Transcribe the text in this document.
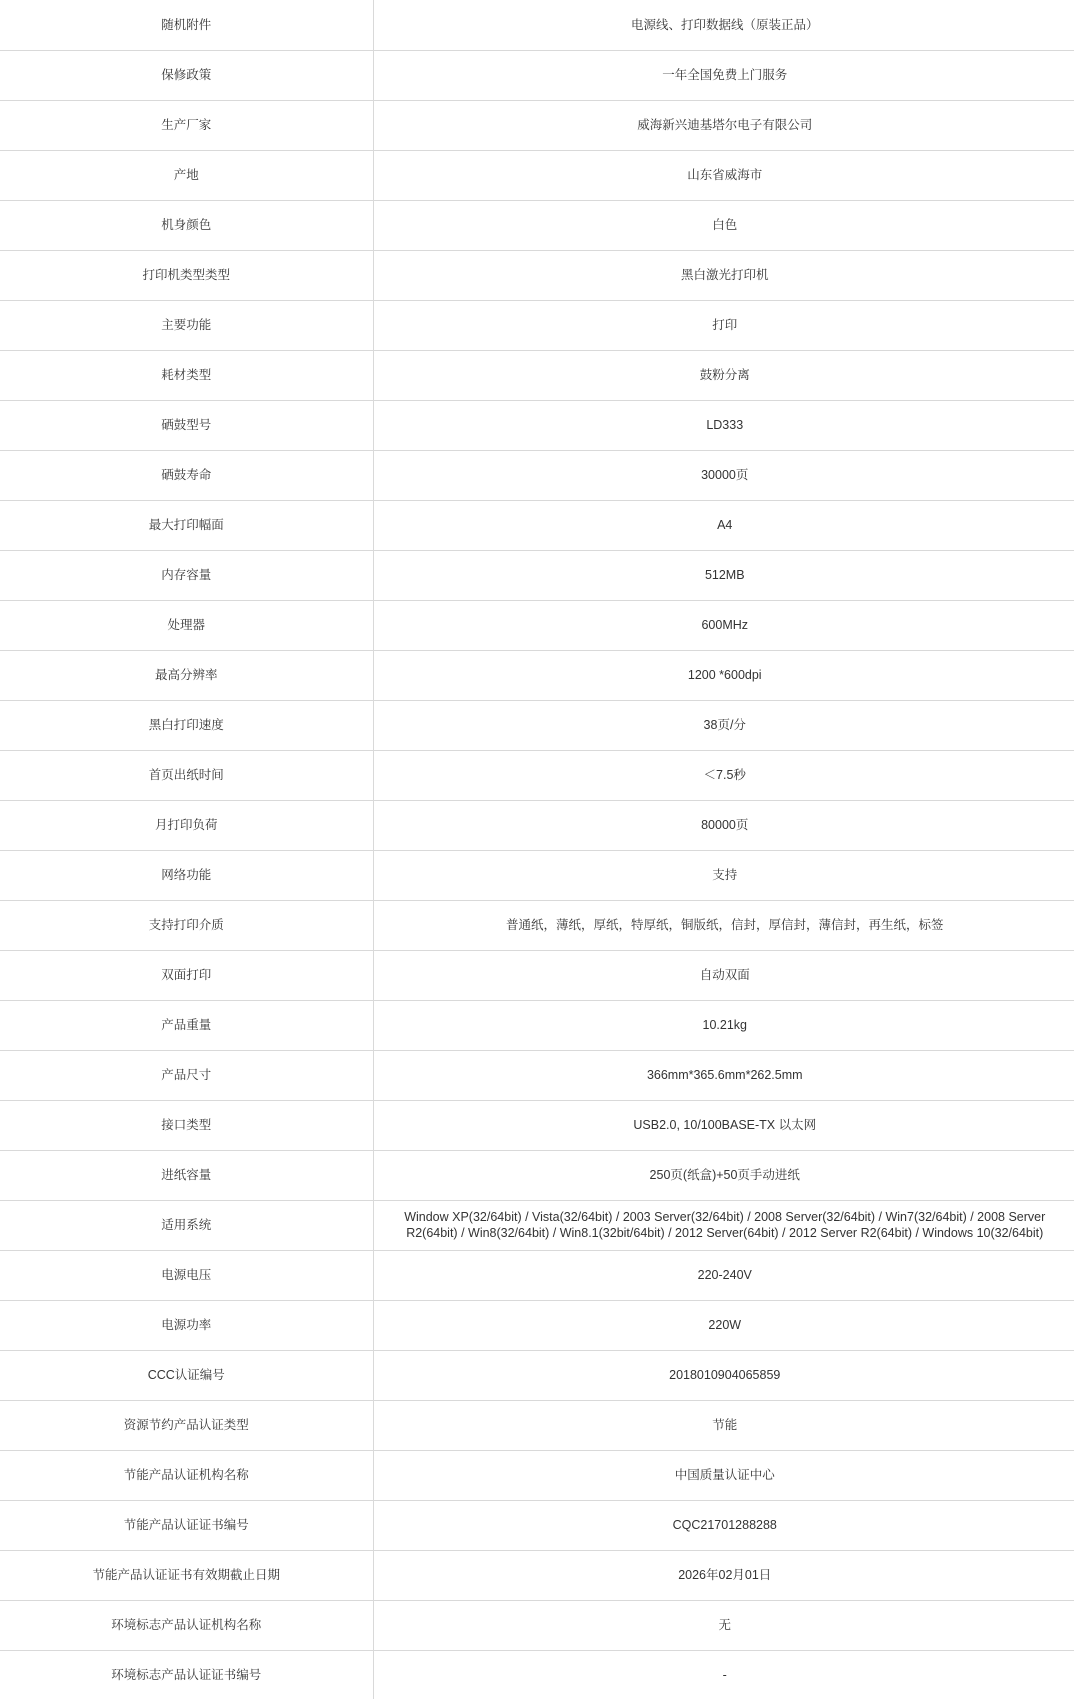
随机附件	电源线、打印数据线（原装正品）
保修政策	一年全国免费上门服务
生产厂家	威海新兴迪基塔尔电子有限公司
产地	山东省威海市
机身颜色	白色
打印机类型类型	黑白激光打印机
主要功能	打印
耗材类型	鼓粉分离
硒鼓型号	LD333
硒鼓寿命	30000页
最大打印幅面	A4
内存容量	512MB
处理器	600MHz
最高分辨率	1200 *600dpi
黑白打印速度	38页/分
首页出纸时间	＜7.5秒
月打印负荷	80000页
网络功能	支持
支持打印介质	普通纸，薄纸，厚纸，特厚纸，铜版纸，信封，厚信封，薄信封，再生纸，标签
双面打印	自动双面
产品重量	10.21kg
产品尺寸	366mm*365.6mm*262.5mm
接口类型	USB2.0, 10/100BASE-TX 以太网
进纸容量	250页(纸盒)+50页手动进纸
适用系统	Window XP(32/64bit) / Vista(32/64bit) / 2003 Server(32/64bit) / 2008 Server(32/64bit) / Win7(32/64bit) / 2008 Server R2(64bit) / Win8(32/64bit) / Win8.1(32bit/64bit) / 2012 Server(64bit) / 2012 Server R2(64bit) / Windows 10(32/64bit)
电源电压	220-240V
电源功率	220W
CCC认证编号	2018010904065859
资源节约产品认证类型	节能
节能产品认证机构名称	中国质量认证中心
节能产品认证证书编号	CQC21701288288
节能产品认证证书有效期截止日期	2026年02月01日
环境标志产品认证机构名称	无
环境标志产品认证证书编号	-
